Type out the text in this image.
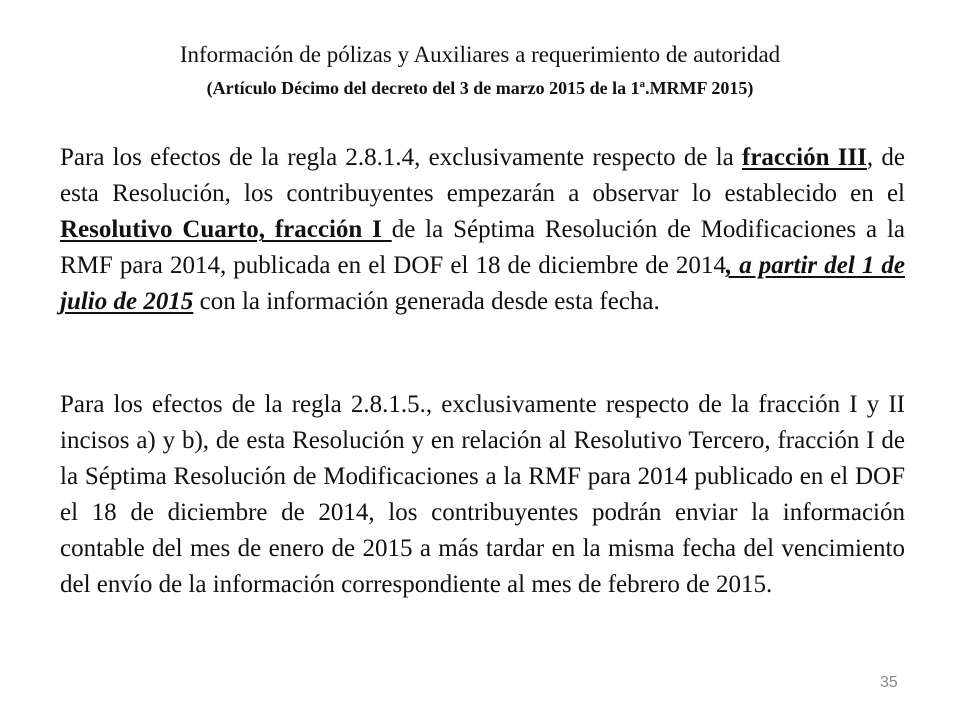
Información de pólizas y Auxiliares a requerimiento de autoridad
(Artículo Décimo del decreto del 3 de marzo 2015 de la 1ª.MRMF 2015)

Para los efectos de la regla 2.8.1.4, exclusivamente respecto de la fracción III, de esta Resolución, los contribuyentes empezarán a observar lo establecido en el Resolutivo Cuarto, fracción I de la Séptima Resolución de Modificaciones a la RMF para 2014, publicada en el DOF el 18 de diciembre de 2014, a partir del 1 de julio de 2015 con la información generada desde esta fecha.

Para los efectos de la regla 2.8.1.5., exclusivamente respecto de la fracción I y II incisos a) y b), de esta Resolución y en relación al Resolutivo Tercero, fracción I de la Séptima Resolución de Modificaciones a la RMF para 2014 publicado en el DOF el 18 de diciembre de 2014, los contribuyentes podrán enviar la información contable del mes de enero de 2015 a más tardar en la misma fecha del vencimiento del envío de la información correspondiente al mes de febrero de 2015.

35
